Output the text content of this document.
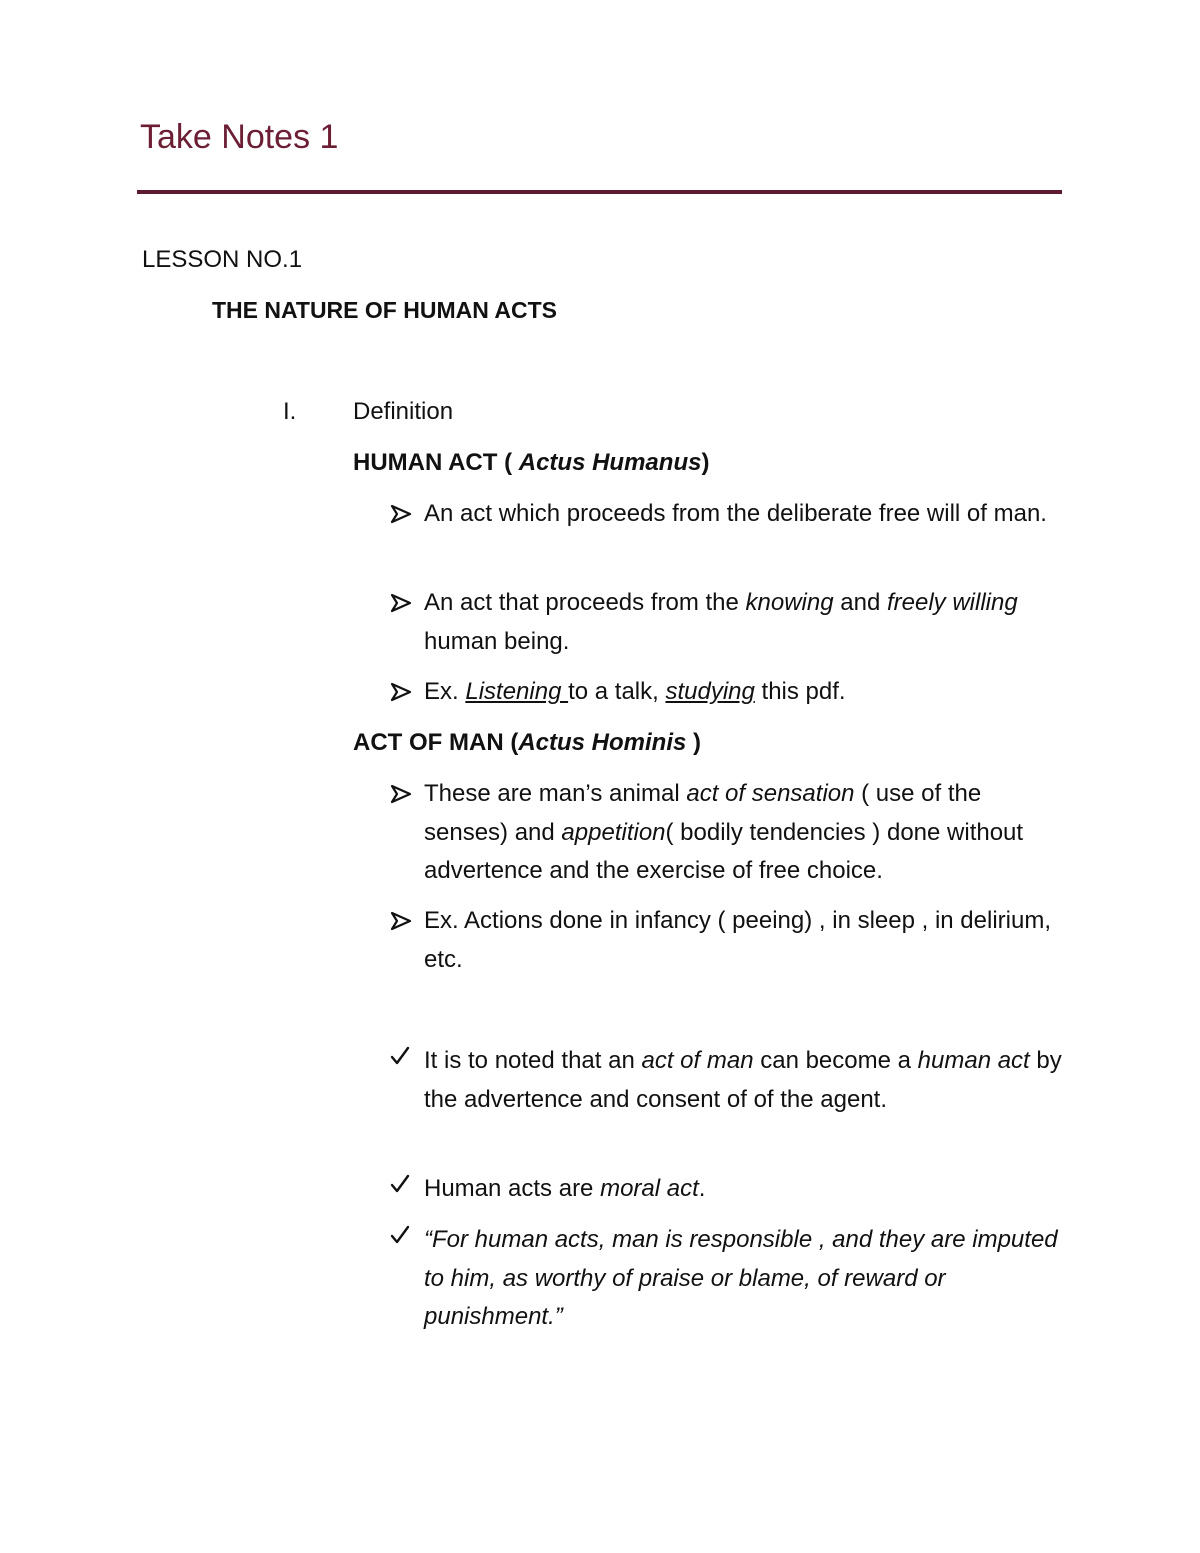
Take Notes 1
LESSON NO.1
THE NATURE OF HUMAN ACTS
I. Definition
HUMAN ACT ( Actus Humanus)
An act which proceeds from the deliberate free will of man.
An act that proceeds from the knowing and freely willing human being.
Ex. Listening to a talk, studying this pdf.
ACT OF MAN (Actus Hominis )
These are man’s animal act of sensation ( use of the senses) and appetition( bodily tendencies ) done without advertence and the exercise of free choice.
Ex. Actions done in infancy ( peeing) , in sleep , in delirium, etc.
It is to noted that an act of man can become a human act by the advertence and consent of of the agent.
Human acts are moral act.
“For human acts, man is responsible , and they are imputed to him, as worthy of praise or blame, of reward or punishment.”
